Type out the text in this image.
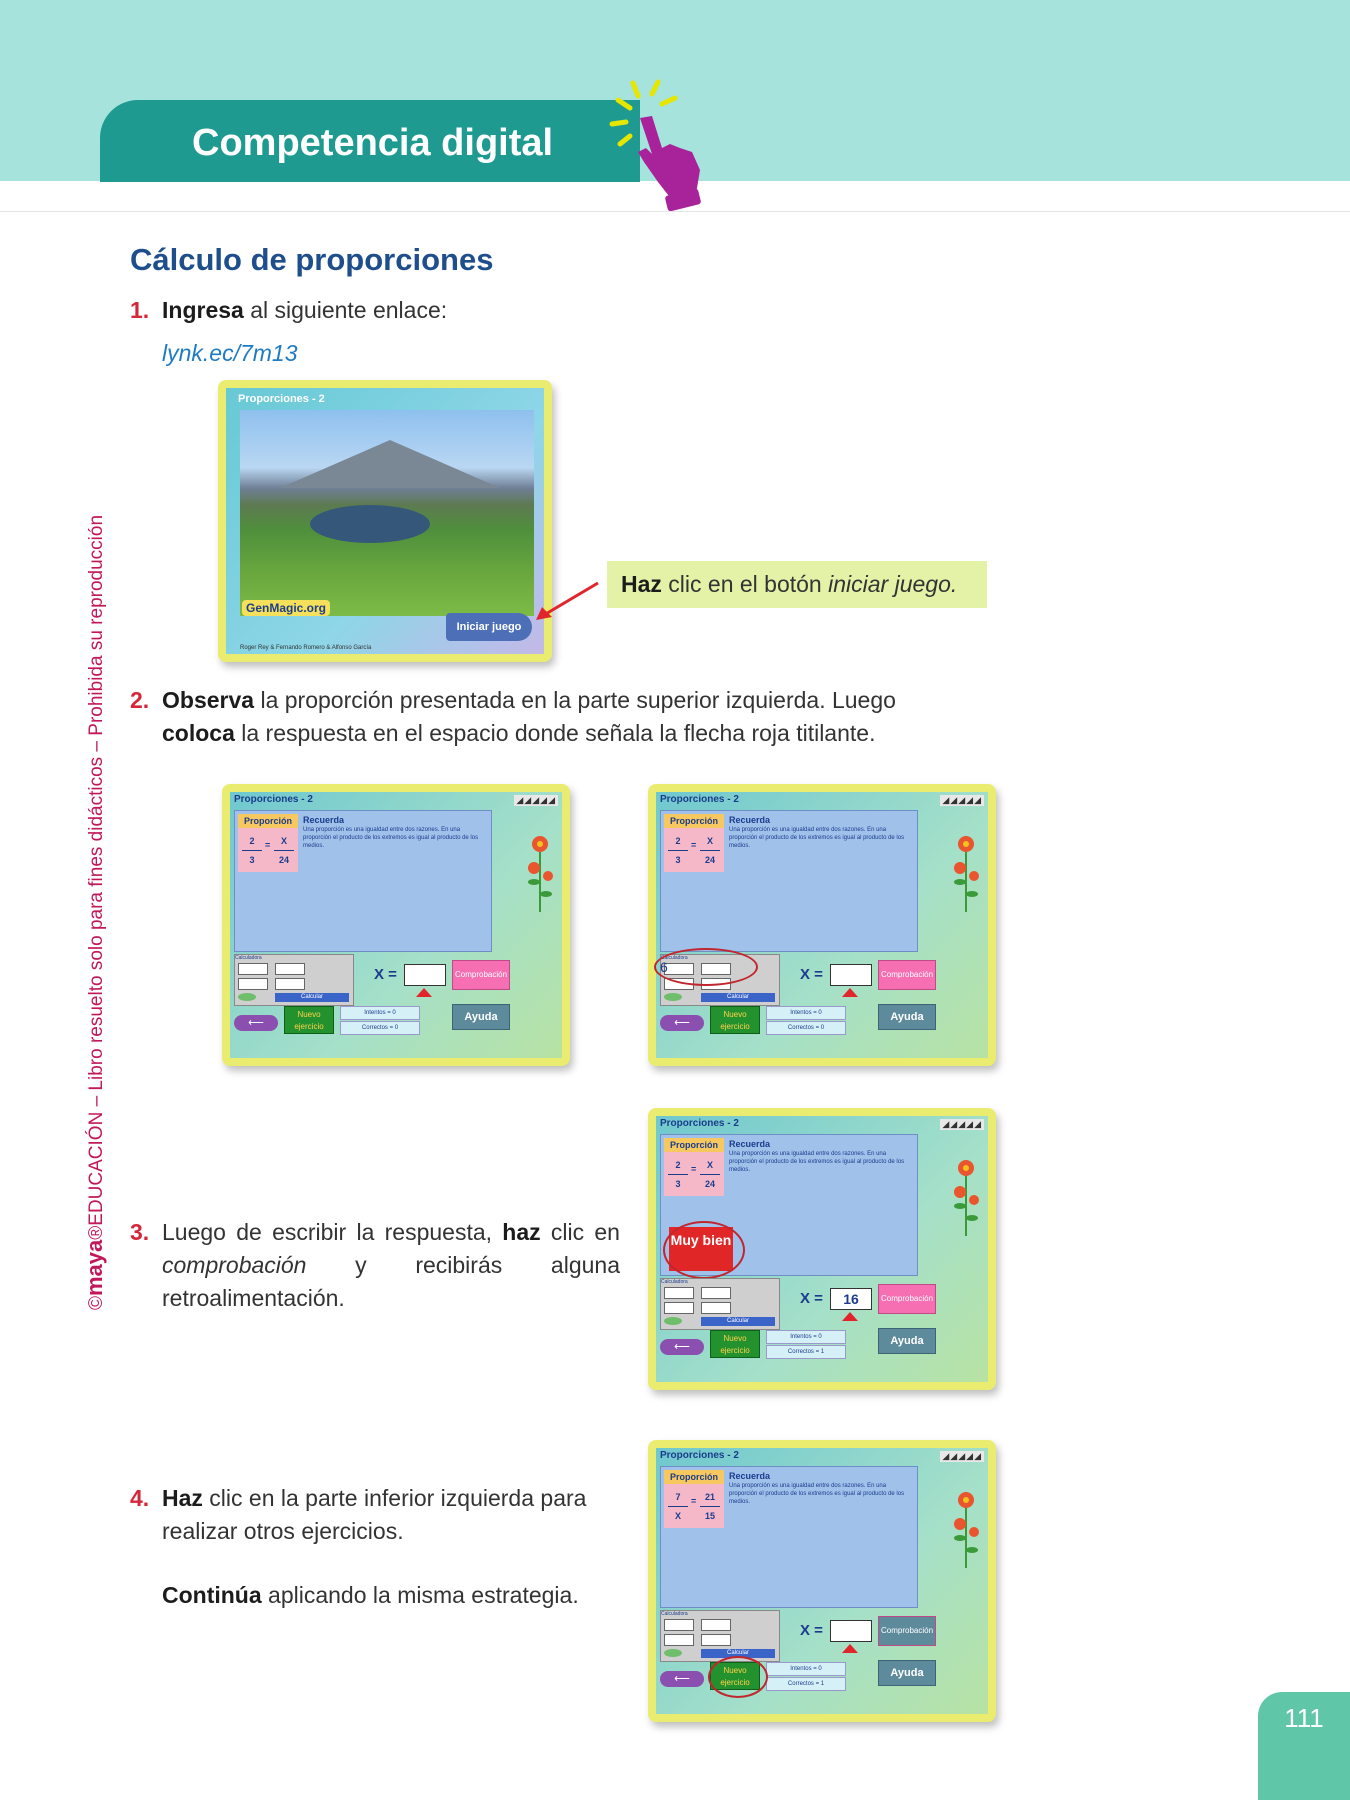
Competencia digital
©maya®EDUCACIÓN – Libro resuelto solo para fines didácticos – Prohibida su reproducción
Cálculo de proporciones
1. Ingresa al siguiente enlace:
lynk.ec/7m13
Proporciones - 2
GenMagic.org
Iniciar juego
Roger Rey & Fernando Romero & Alfonso García
Haz clic en el botón iniciar juego.
2. Observa la proporción presentada en la parte superior izquierda. Luego
coloca la respuesta en el espacio donde señala la flecha roja titilante.
3. Luego de escribir la respuesta, haz clic en comprobación y recibirás alguna retroalimentación.
4. Haz clic en la parte inferior izquierda para realizar otros ejercicios.
Continúa aplicando la misma estrategia.
Proporciones - 2	◢◢◢◢◢
Proporción
$\frac{2}{3} = \frac{X}{24}$
Recuerda
Una proporción es una igualdad entre dos razones. En una proporción el producto de los extremos es igual al producto de los medios.
Calculadora
Calcular
X =	Comprobación
⟵
Nuevo ejercicio
Intentos = 0
Correctos = 0
Ayuda
Proporciones - 2	◢◢◢◢◢
Proporción
$\frac{2}{3} = \frac{X}{24}$
Recuerda
Una proporción es una igualdad entre dos razones. En una proporción el producto de los extremos es igual al producto de los medios.
Calculadora
Calcular
6	X =	Comprobación
⟵
Nuevo ejercicio
Intentos = 0
Correctos = 0
Ayuda
Proporciones - 2	◢◢◢◢◢
Proporción
$\frac{2}{3} = \frac{X}{24}$
Recuerda
Una proporción es una igualdad entre dos razones. En una proporción el producto de los extremos es igual al producto de los medios.
Muy bien
Calculadora
Calcular
X =	16	Comprobación
⟵
Nuevo ejercicio
Intentos = 0
Correctos = 1
Ayuda
Proporciones - 2	◢◢◢◢◢
Proporción
$\frac{7}{X} = \frac{21}{15}$
Recuerda
Una proporción es una igualdad entre dos razones. En una proporción el producto de los extremos es igual al producto de los medios.
Calculadora
Calcular
X =	Comprobación
⟵
Nuevo ejercicio
Intentos = 0
Correctos = 1
Ayuda
111
